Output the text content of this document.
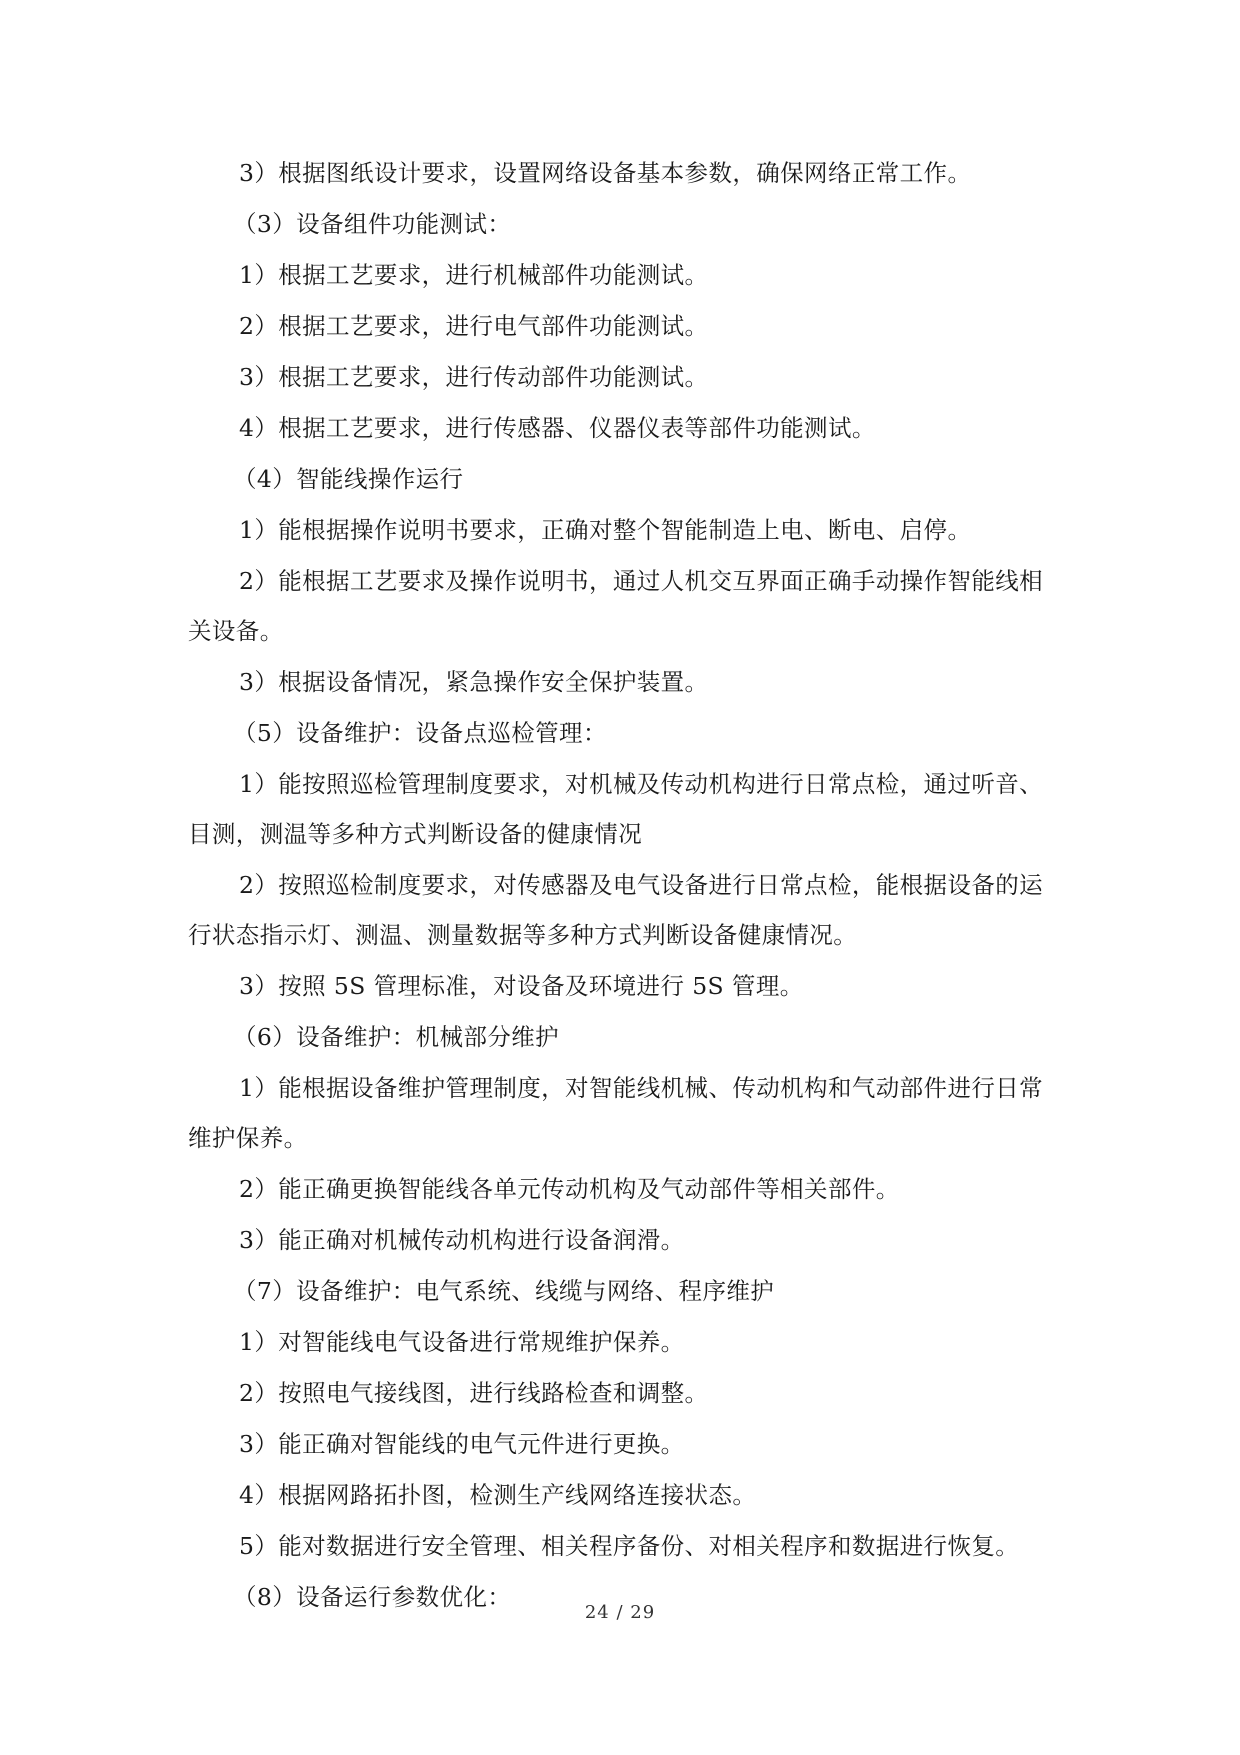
3）根据图纸设计要求，设置网络设备基本参数，确保网络正常工作。

（3）设备组件功能测试：

1）根据工艺要求，进行机械部件功能测试。

2）根据工艺要求，进行电气部件功能测试。

3）根据工艺要求，进行传动部件功能测试。

4）根据工艺要求，进行传感器、仪器仪表等部件功能测试。

（4）智能线操作运行

1）能根据操作说明书要求，正确对整个智能制造上电、断电、启停。

2）能根据工艺要求及操作说明书，通过人机交互界面正确手动操作智能线相关设备。

3）根据设备情况，紧急操作安全保护装置。

（5）设备维护：设备点巡检管理：

1）能按照巡检管理制度要求，对机械及传动机构进行日常点检，通过听音、目测，测温等多种方式判断设备的健康情况

2）按照巡检制度要求，对传感器及电气设备进行日常点检，能根据设备的运行状态指示灯、测温、测量数据等多种方式判断设备健康情况。

3）按照 5S 管理标准，对设备及环境进行 5S 管理。

（6）设备维护：机械部分维护

1）能根据设备维护管理制度，对智能线机械、传动机构和气动部件进行日常维护保养。

2）能正确更换智能线各单元传动机构及气动部件等相关部件。

3）能正确对机械传动机构进行设备润滑。

（7）设备维护：电气系统、线缆与网络、程序维护

1）对智能线电气设备进行常规维护保养。

2）按照电气接线图，进行线路检查和调整。

3）能正确对智能线的电气元件进行更换。

4）根据网路拓扑图，检测生产线网络连接状态。

5）能对数据进行安全管理、相关程序备份、对相关程序和数据进行恢复。

（8）设备运行参数优化：

24 / 29
